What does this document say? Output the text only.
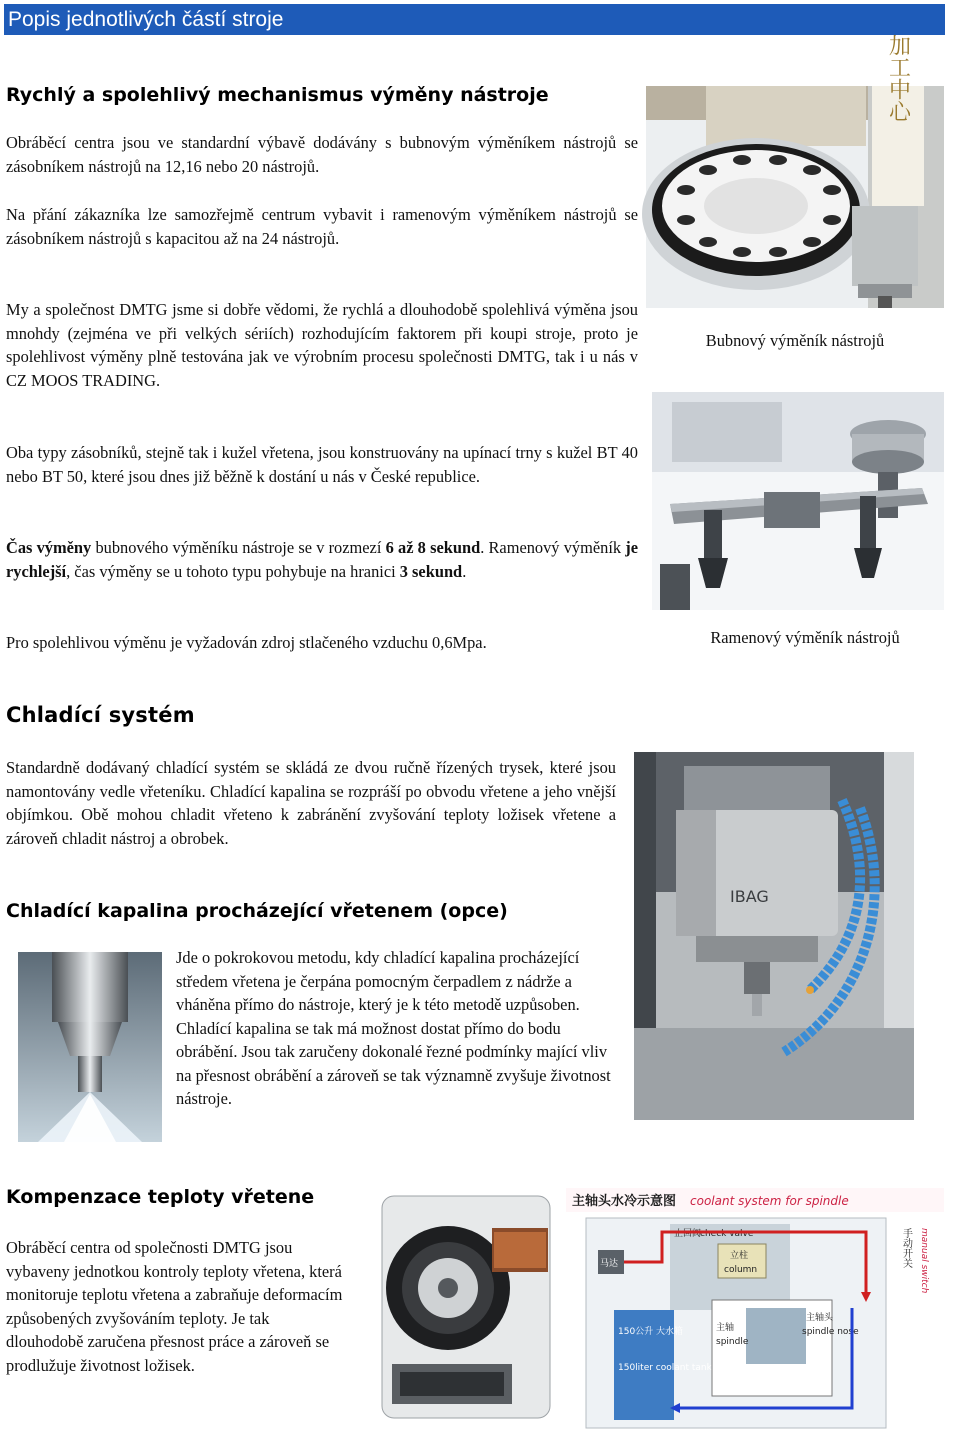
Popis jednotlivých částí stroje
Rychlý a spolehlivý mechanismus výměny nástroje
Obráběcí centra jsou ve standardní výbavě dodávány s bubnovým výměníkem nástrojů se zásobníkem nástrojů na 12,16 nebo 20 nástrojů.
Na přání zákazníka lze samozřejmě centrum vybavit i ramenovým výměníkem nástrojů se zásobníkem nástrojů s kapacitou až na 24 nástrojů.
My a společnost DMTG jsme si dobře vědomi, že rychlá a dlouhodobě spolehlivá výměna jsou mnohdy (zejména ve při velkých sériích) rozhodujícím faktorem při koupi stroje, proto je spolehlivost výměny plně testována jak ve výrobním procesu společnosti DMTG, tak i u nás v CZ MOOS TRADING.
Oba typy zásobníků, stejně tak i kužel vřetena, jsou konstruovány na upínací trny s kužel BT 40 nebo BT 50, které jsou dnes již běžně k dostání u nás v České republice.
Čas výměny bubnového výměníku nástroje se v rozmezí 6 až 8 sekund. Ramenový výměník je rychlejší, čas výměny se u tohoto typu pohybuje na hranici 3 sekund.
Pro spolehlivou výměnu je vyžadován zdroj stlačeného vzduchu 0,6Mpa.
加工中心
Bubnový výměník nástrojů
Ramenový výměník nástrojů
Chladící systém
Standardně dodávaný chladící systém se skládá ze dvou ručně řízených trysek, které jsou namontovány vedle vřeteníku. Chladící kapalina se rozpráší po obvodu vřetene a jeho vnější objímkou. Obě mohou chladit vřeteno k zabránění zvyšování teploty ložisek vřetene a zároveň chladit nástroj a obrobek.
Chladící kapalina procházející vřetenem (opce)
IBAG
Jde o pokrokovou metodu, kdy chladící kapalina procházející středem vřetena je čerpána pomocným čerpadlem z nádrže a vháněna přímo do nástroje, který je k této metodě uzpůsoben. Chladící kapalina se tak má možnost dostat přímo do bodu obrábění. Jsou tak zaručeny dokonalé řezné podmínky mající vliv na přesnost obrábění a zároveň se tak významně zvyšuje životnost nástroje.
Kompenzace teploty vřetene
Obráběcí centra od společnosti DMTG jsou vybaveny jednotkou kontroly teploty vřetena, která monitoruje teplotu vřetena a zabraňuje deformacím způsobených zvyšováním teploty. Je tak dlouhodobě zaručena přesnost práce a zároveň se prodlužuje životnost ložisek.
主轴头水冷示意图 coolant system for spindle
止回阀
check valve
立柱
column
马达
150公升 大水箱
150liter coolant tank
主轴
spindle
主轴头
spindle nose
手动开关 manual switch
